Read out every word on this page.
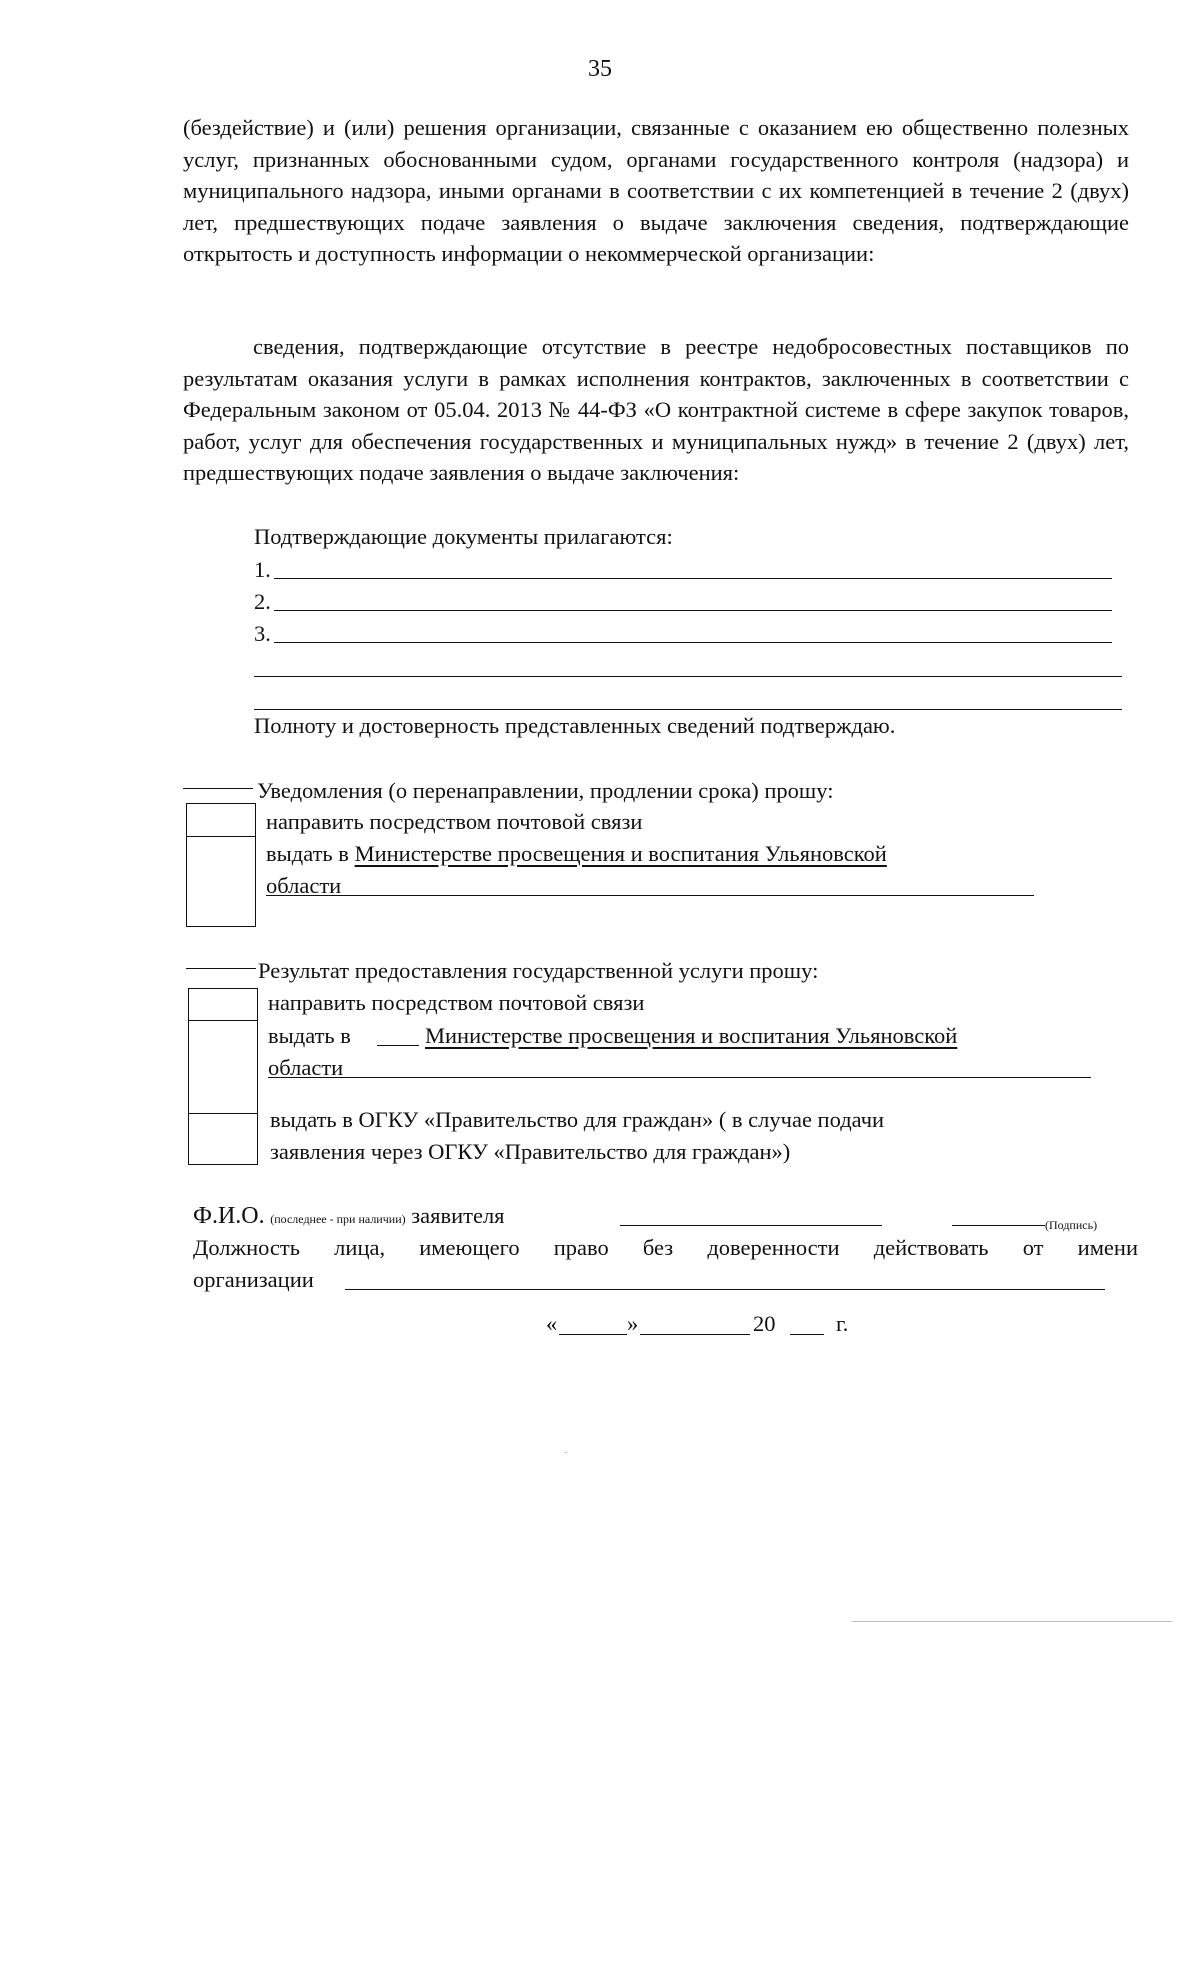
35
(бездействие) и (или) решения организации, связанные с оказанием ею общественно полезных услуг, признанных обоснованными судом, органами государственного контроля (надзора) и муниципального надзора, иными органами в соответствии с их компетенцией в течение 2 (двух) лет, предшествующих подаче заявления о выдаче заключения сведения, подтверждающие открытость и доступность информации о некоммерческой организации:
сведения, подтверждающие отсутствие в реестре недобросовестных поставщиков по результатам оказания услуги в рамках исполнения контрактов, заключенных в соответствии с Федеральным законом от 05.04. 2013 № 44-ФЗ «О контрактной системе в сфере закупок товаров, работ, услуг для обеспечения государственных и муниципальных нужд» в течение 2 (двух) лет, предшествующих подаче заявления о выдаче заключения:
Подтверждающие документы прилагаются:
1.
2.
3.
Полноту и достоверность представленных сведений подтверждаю.
Уведомления (о перенаправлении, продлении срока) прошу:
направить посредством почтовой связи
выдать в Министерстве просвещения и воспитания Ульяновской
области
Результат предоставления государственной услуги прошу:
направить посредством почтовой связи
выдать в	Министерстве просвещения и воспитания Ульяновской
области
выдать в ОГКУ «Правительство для граждан» ( в случае подачи
заявления через ОГКУ «Правительство для граждан»)
Ф.И.О. (последнее - при наличии) заявителя	(Подпись)
Должность лица, имеющего право без доверенности действовать от имени
организации
«	»	20	г.
